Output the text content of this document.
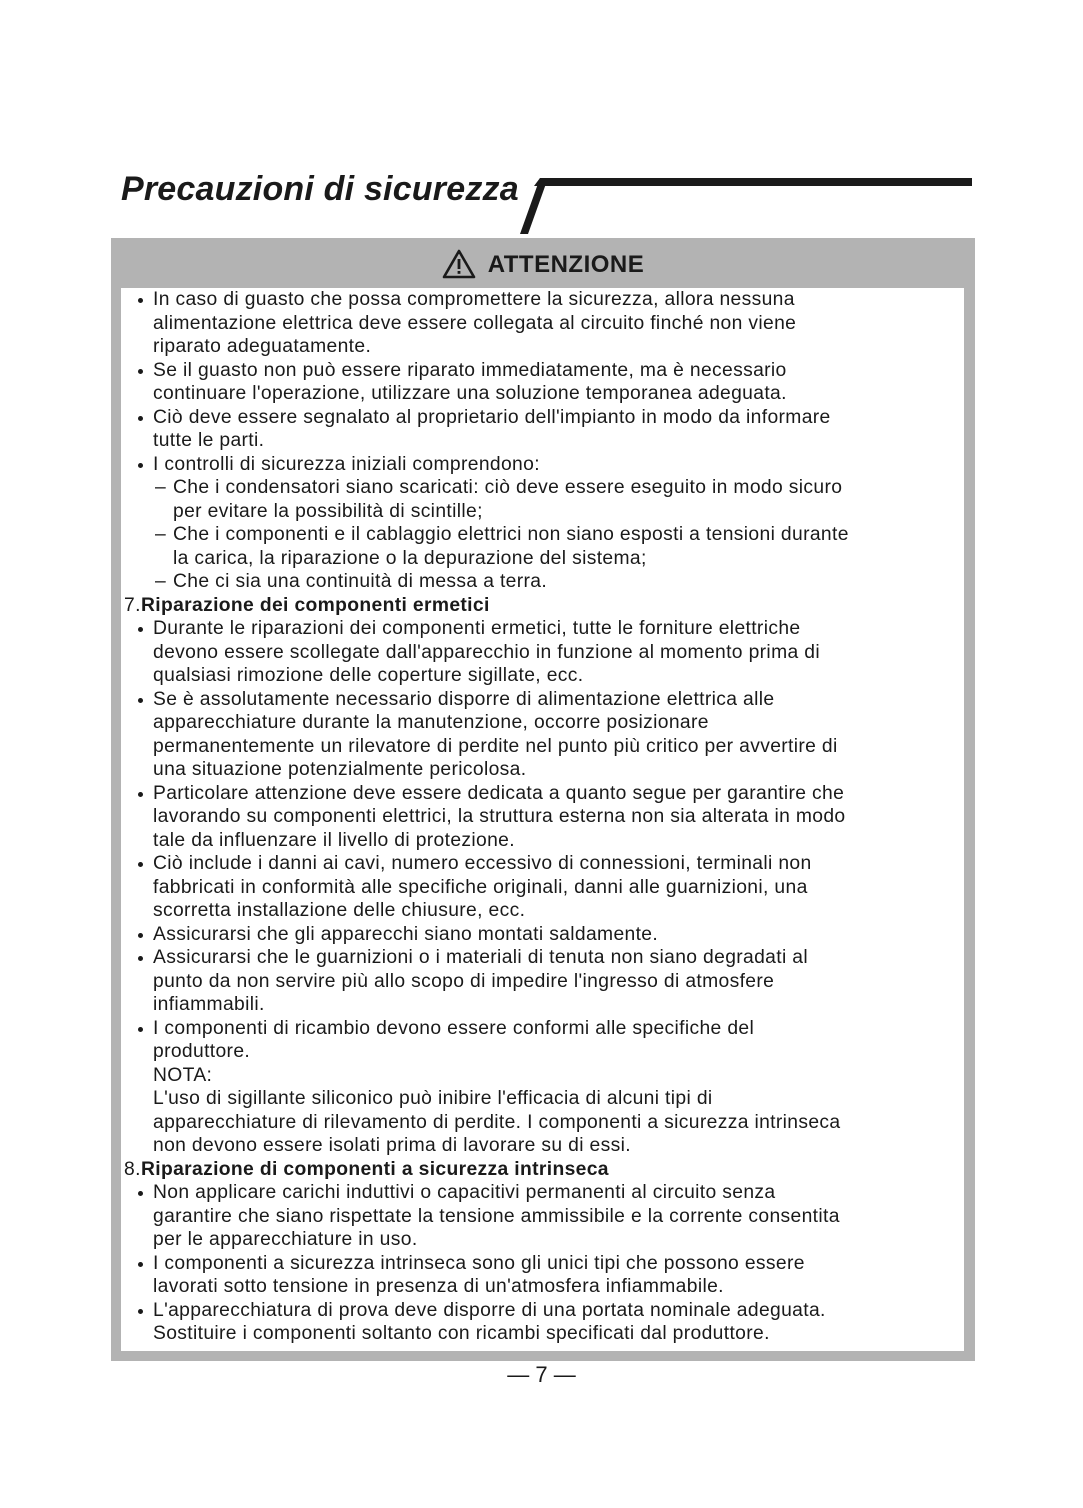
Precauzioni di sicurezza
ATTENZIONE
In caso di guasto che possa compromettere la sicurezza, allora nessuna
alimentazione elettrica deve essere collegata al circuito finché non viene
riparato adeguatamente.
Se il guasto non può essere riparato immediatamente, ma è necessario
continuare l'operazione, utilizzare una soluzione temporanea adeguata.
Ciò deve essere segnalato al proprietario dell'impianto in modo da informare
tutte le parti.
I controlli di sicurezza iniziali comprendono:
– Che i condensatori siano scaricati: ciò deve essere eseguito in modo sicuro
per evitare la possibilità di scintille;
– Che i componenti e il cablaggio elettrici non siano esposti a tensioni durante
la carica, la riparazione o la depurazione del sistema;
– Che ci sia una continuità di messa a terra.
7. Riparazione dei componenti ermetici
Durante le riparazioni dei componenti ermetici, tutte le forniture elettriche
devono essere scollegate dall'apparecchio in funzione al momento prima di
qualsiasi rimozione delle coperture sigillate, ecc.
Se è assolutamente necessario disporre di alimentazione elettrica alle
apparecchiature durante la manutenzione, occorre posizionare
permanentemente un rilevatore di perdite nel punto più critico per avvertire di
una situazione potenzialmente pericolosa.
Particolare attenzione deve essere dedicata a quanto segue per garantire che
lavorando su componenti elettrici, la struttura esterna non sia alterata in modo
tale da influenzare il livello di protezione.
Ciò include i danni ai cavi, numero eccessivo di connessioni, terminali non
fabbricati in conformità alle specifiche originali, danni alle guarnizioni, una
scorretta installazione delle chiusure, ecc.
Assicurarsi che gli apparecchi siano montati saldamente.
Assicurarsi che le guarnizioni o i materiali di tenuta non siano degradati al
punto da non servire più allo scopo di impedire l'ingresso di atmosfere
infiammabili.
I componenti di ricambio devono essere conformi alle specifiche del
produttore.
NOTA:
L'uso di sigillante siliconico può inibire l'efficacia di alcuni tipi di
apparecchiature di rilevamento di perdite. I componenti a sicurezza intrinseca
non devono essere isolati prima di lavorare su di essi.
8. Riparazione di componenti a sicurezza intrinseca
Non applicare carichi induttivi o capacitivi permanenti al circuito senza
garantire che siano rispettate la tensione ammissibile e la corrente consentita
per le apparecchiature in uso.
I componenti a sicurezza intrinseca sono gli unici tipi che possono essere
lavorati sotto tensione in presenza di un'atmosfera infiammabile.
L'apparecchiatura di prova deve disporre di una portata nominale adeguata.
Sostituire i componenti soltanto con ricambi specificati dal produttore.
— 7 —
